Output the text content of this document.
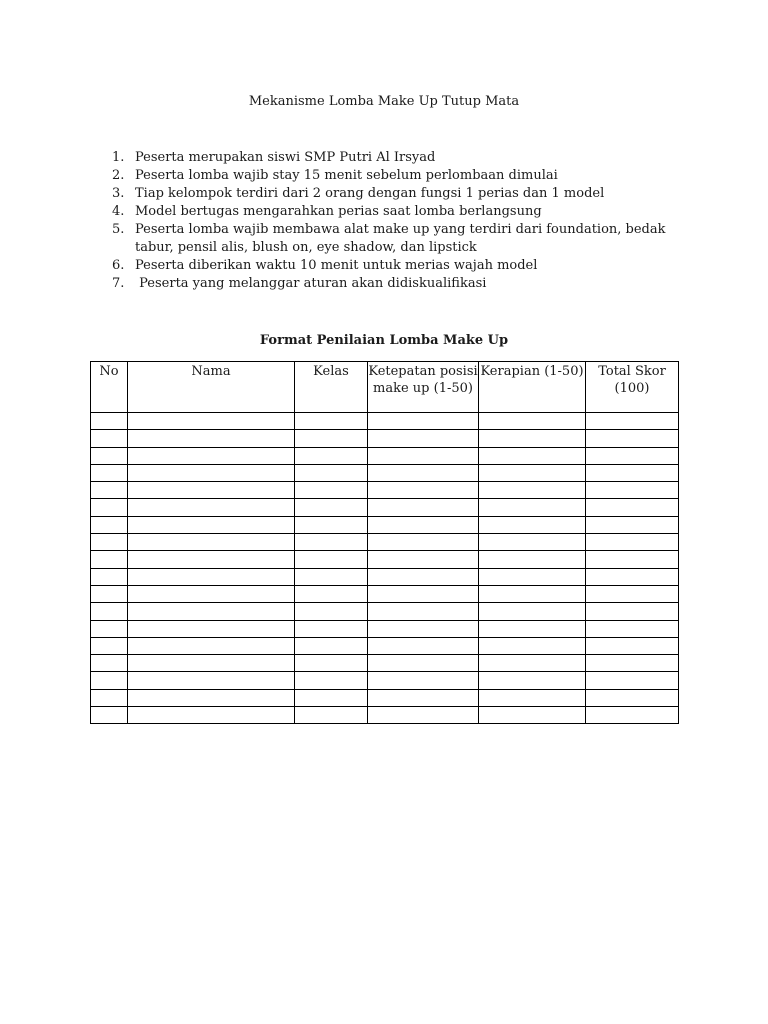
Mekanisme Lomba Make Up Tutup Mata
1. Peserta merupakan siswi SMP Putri Al Irsyad
2. Peserta lomba wajib stay 15 menit sebelum perlombaan dimulai
3. Tiap kelompok terdiri dari 2 orang dengan fungsi 1 perias dan 1 model
4. Model bertugas mengarahkan perias saat lomba berlangsung
5. Peserta lomba wajib membawa alat make up yang terdiri dari foundation, bedak tabur, pensil alis, blush on, eye shadow, dan lipstick
6. Peserta diberikan waktu 10 menit untuk merias wajah model
7. Peserta yang melanggar aturan akan didiskualifikasi
Format Penilaian Lomba Make Up
No	Nama	Kelas	Ketepatan posisi make up (1-50)	Kerapian (1-50)	Total Skor (100)
